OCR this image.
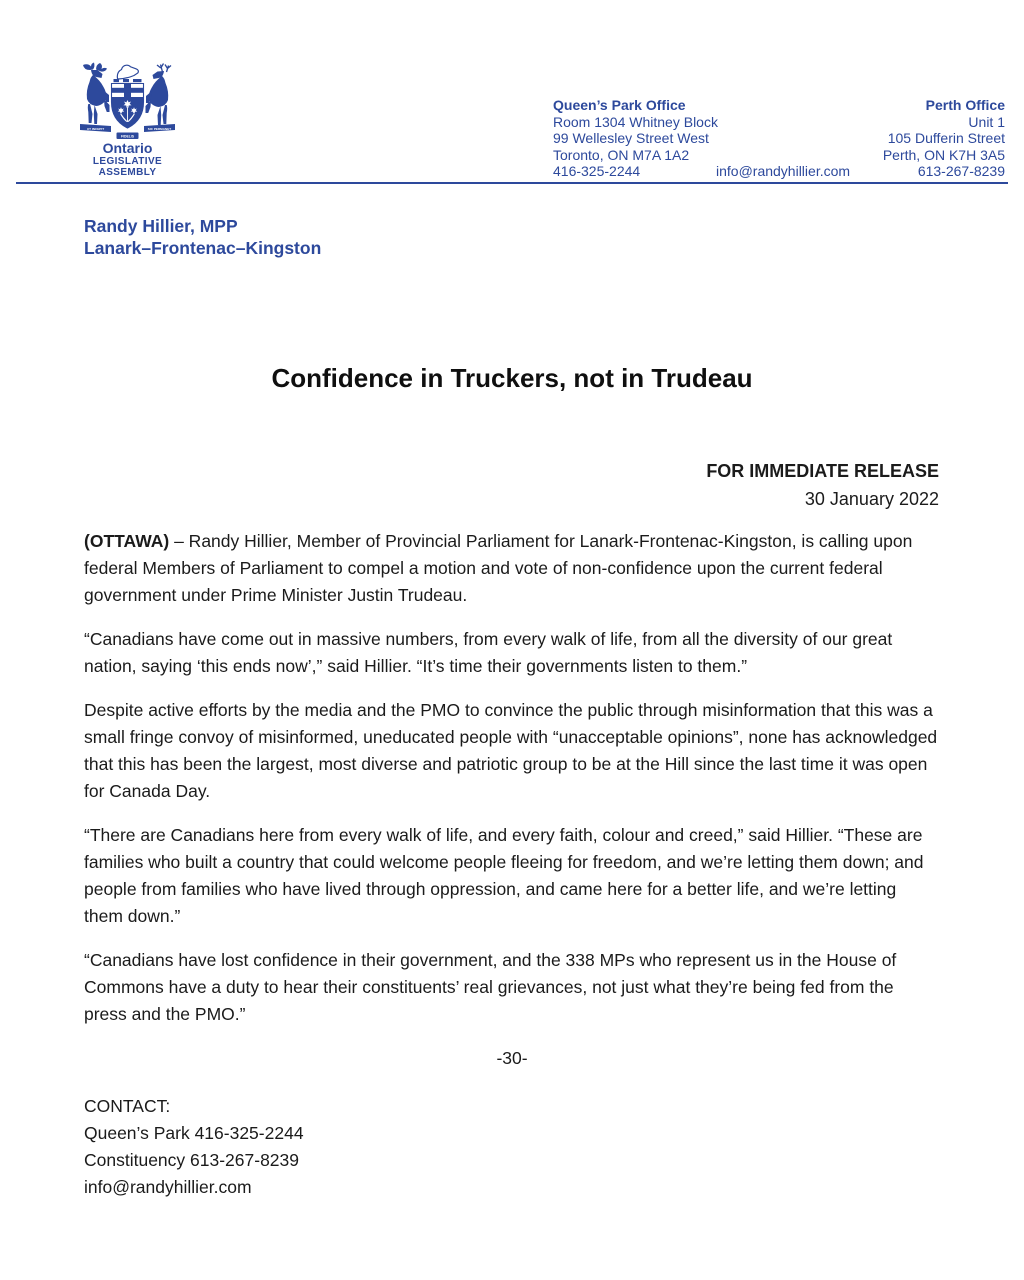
UT INCEPIT	SIC PERMANET
FIDELIS
Ontario
LEGISLATIVE
ASSEMBLY
Queen’s Park Office
Room 1304 Whitney Block
99 Wellesley Street West
Toronto, ON M7A 1A2
416-325-2244	info@randyhillier.com
Perth Office
Unit 1
105 Dufferin Street
Perth, ON K7H 3A5
613-267-8239
Randy Hillier, MPP
Lanark–Frontenac–Kingston
Confidence in Truckers, not in Trudeau
FOR IMMEDIATE RELEASE
30 January 2022

(OTTAWA) – Randy Hillier, Member of Provincial Parliament for Lanark-Frontenac-Kingston, is calling upon federal Members of Parliament to compel a motion and vote of non-confidence upon the current federal government under Prime Minister Justin Trudeau.

“Canadians have come out in massive numbers, from every walk of life, from all the diversity of our great nation, saying ‘this ends now’,” said Hillier. “It’s time their governments listen to them.”

Despite active efforts by the media and the PMO to convince the public through misinformation that this was a small fringe convoy of misinformed, uneducated people with “unacceptable opinions”, none has acknowledged that this has been the largest, most diverse and patriotic group to be at the Hill since the last time it was open for Canada Day.

“There are Canadians here from every walk of life, and every faith, colour and creed,” said Hillier. “These are families who built a country that could welcome people fleeing for freedom, and we’re letting them down; and people from families who have lived through oppression, and came here for a better life, and we’re letting them down.”

“Canadians have lost confidence in their government, and the 338 MPs who represent us in the House of Commons have a duty to hear their constituents’ real grievances, not just what they’re being fed from the press and the PMO.”

-30-
CONTACT:
Queen’s Park 416-325-2244
Constituency 613-267-8239
info@randyhillier.com
